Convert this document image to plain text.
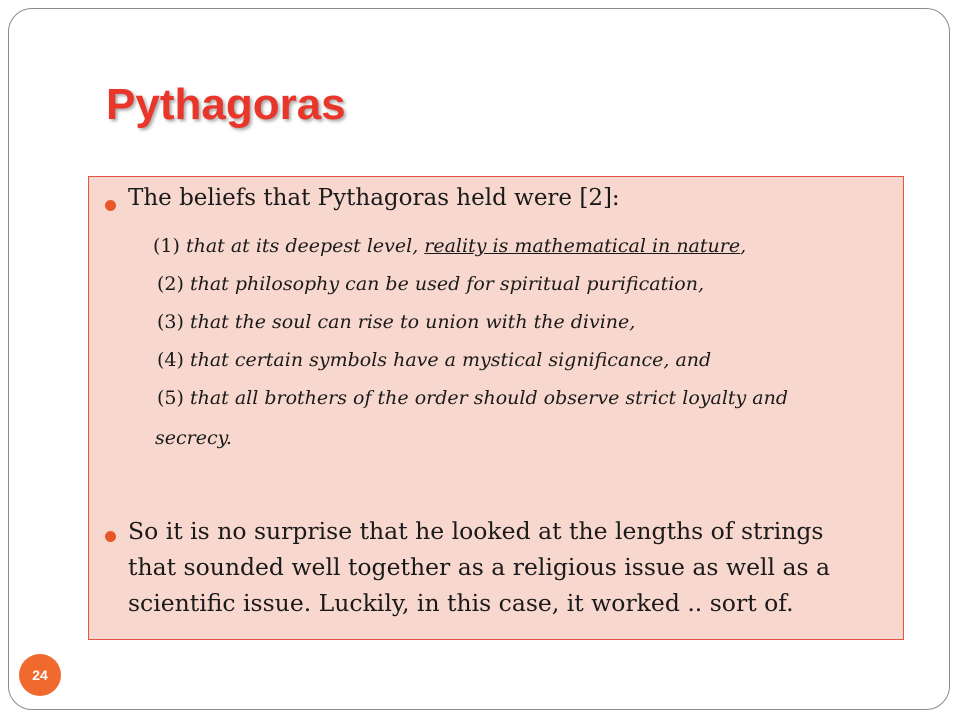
Pythagoras
The beliefs that Pythagoras held were [2]:
(1) that at its deepest level, reality is mathematical in nature,
(2) that philosophy can be used for spiritual purification,
(3) that the soul can rise to union with the divine,
(4) that certain symbols have a mystical significance, and
(5) that all brothers of the order should observe strict loyalty and
secrecy.
So it is no surprise that he looked at the lengths of strings
that sounded well together as a religious issue as well as a
scientific issue. Luckily, in this case, it worked .. sort of.
24
